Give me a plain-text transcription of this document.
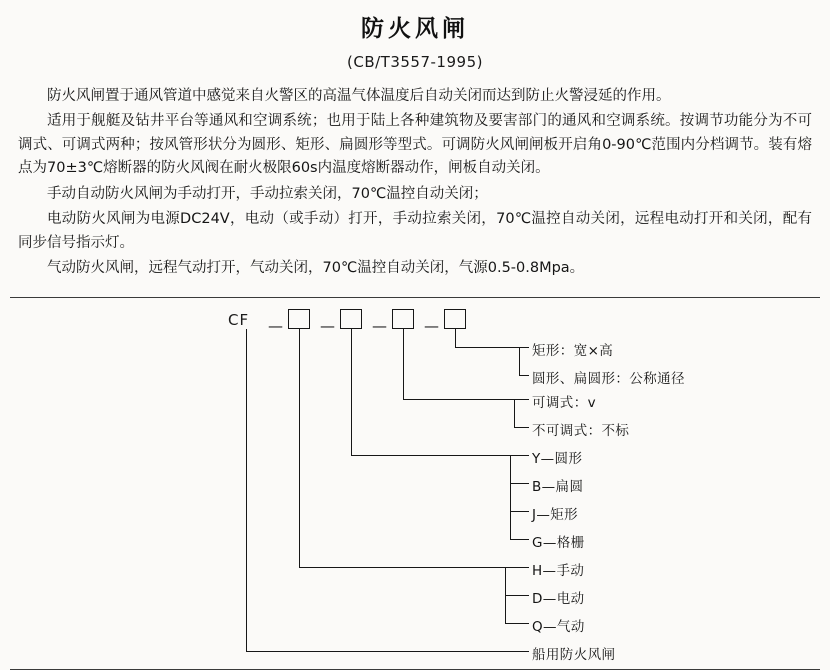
防火风闸
(CB/T3557-1995)

防火风闸置于通风管道中感觉来自火警区的高温气体温度后自动关闭而达到防止火警浸延的作用。

适用于舰艇及钻井平台等通风和空调系统；也用于陆上各种建筑物及要害部门的通风和空调系统。按调节功能分为不可调式、可调式两种；按风管形状分为圆形、矩形、扁圆形等型式。可调防火风闸闸板开启角0-90℃范围内分档调节。装有熔点为70±3℃熔断器的防火风阀在耐火极限60s内温度熔断器动作，闸板自动关闭。

手动自动防火风闸为手动打开，手动拉索关闭，70℃温控自动关闭；

电动防火风闸为电源DC24V，电动（或手动）打开，手动拉索关闭，70℃温控自动关闭，远程电动打开和关闭，配有同步信号指示灯。

气动防火风闸，远程气动打开，气动关闭，70℃温控自动关闭，气源0.5-0.8Mpa。

CF — — — —
矩形：宽×高
圆形、扁圆形：公称通径
可调式：v
不可调式：不标
Y—圆形
B—扁圆
J—矩形
G—格栅
H—手动
D—电动
Q—气动
船用防火风闸
